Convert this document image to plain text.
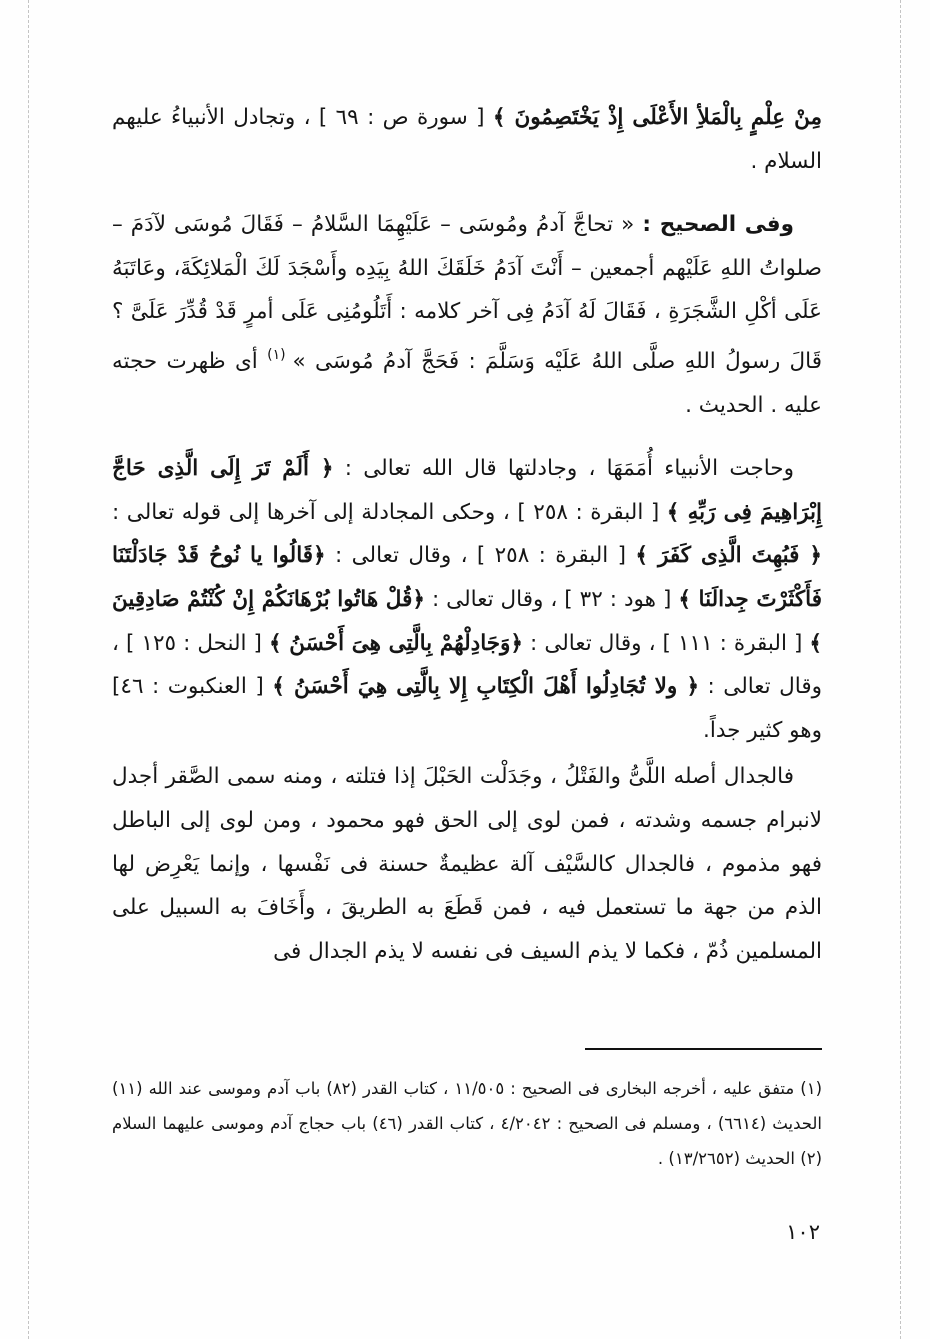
مِنْ عِلْمٍ بِالْمَلأِ الأَعْلَى إِذْ يَخْتَصِمُونَ ﴾ [ سورة ص : ٦٩ ] ، وتجادل الأنبياءُ عليهم السلام .

وفى الصحيح : « تحاجَّ آدمُ ومُوسَى – عَلَيْهِمَا السَّلامُ – فَقَالَ مُوسَى لآدَمَ – صلواتُ اللهِ عَلَيْهم أجمعين – أَنْتَ آدَمُ خَلَقَكَ اللهُ بِيَدِه وأَسْجَدَ لَكَ الْمَلائِكَةَ، وعَاتَبَهُ عَلَى أكْلِ الشَّجَرَةِ ، فَقَالَ لَهُ آدَمُ فِى آخر كلامه : أَتَلُومُنِى عَلَى أمرٍ قَدْ قُدِّرَ عَلَىَّ ؟ قَالَ رسولُ اللهِ صلَّى اللهُ عَلَيْه وَسَلَّمَ : فَحَجَّ آدمُ مُوسَى » $^{(١)}$ أى ظهرت حجته عليه . الحديث .

وحاجت الأنبياء أُمَمَهَا ، وجادلتها قال الله تعالى : ﴿ أَلَمْ تَرَ إِلَى الَّذِى حَاجَّ إِبْرَاهِيمَ فِى رَبِّهِ ﴾ [ البقرة : ٢٥٨ ] ، وحكى المجادلة إلى آخرها إلى قوله تعالى : ﴿ فَبُهِتَ الَّذِى كَفَرَ ﴾ [ البقرة : ٢٥٨ ] ، وقال تعالى : ﴿قَالُوا يا نُوحُ قَدْ جَادَلْتَنَا فَأَكْثَرْتَ جِدالَنَا ﴾ [ هود : ٣٢ ] ، وقال تعالى : ﴿قُلْ هَاتُوا بُرْهَانَكُمْ إِنْ كُنْتُمْ صَادِقِينَ ﴾ [ البقرة : ١١١ ] ، وقال تعالى : ﴿وَجَادِلْهُمْ بِالَّتِى هِىَ أَحْسَنُ ﴾ [ النحل : ١٢٥ ] ، وقال تعالى : ﴿ ولا تُجَادِلُوا أَهْلَ الْكِتَابِ إِلا بِالَّتِى هِيَ أَحْسَنُ ﴾ [ العنكبوت : ٤٦] وهو كثير جداً.

فالجدال أصله اللَّىُّ والفَتْلُ ، وجَدَلْت الحَبْلَ إذا فتلته ، ومنه سمى الصَّقر أجدل لانبرام جسمه وشدته ، فمن لوى إلى الحق فهو محمود ، ومن لوى إلى الباطل فهو مذموم ، فالجدال كالسَّيْف آلة عظيمةٌ حسنة فى نَفْسها ، وإنما يَعْرِض لها الذم من جهة ما تستعمل فيه ، فمن قَطَعَ به الطريقَ ، وأَخَافَ به السبيل على المسلمين ذُمّ ، فكما لا يذم السيف فى نفسه لا يذم الجدال فى

(١) متفق عليه ، أخرجه البخارى فى الصحيح : ١١/٥٠٥ ، كتاب القدر (٨٢) باب آدم وموسى عند الله (١١) الحديث (٦٦١٤) ، ومسلم فى الصحيح : ٤/٢٠٤٢ ، كتاب القدر (٤٦) باب حجاج آدم وموسى عليهما السلام (٢) الحديث (١٣/٢٦٥٢) .

١٠٢
